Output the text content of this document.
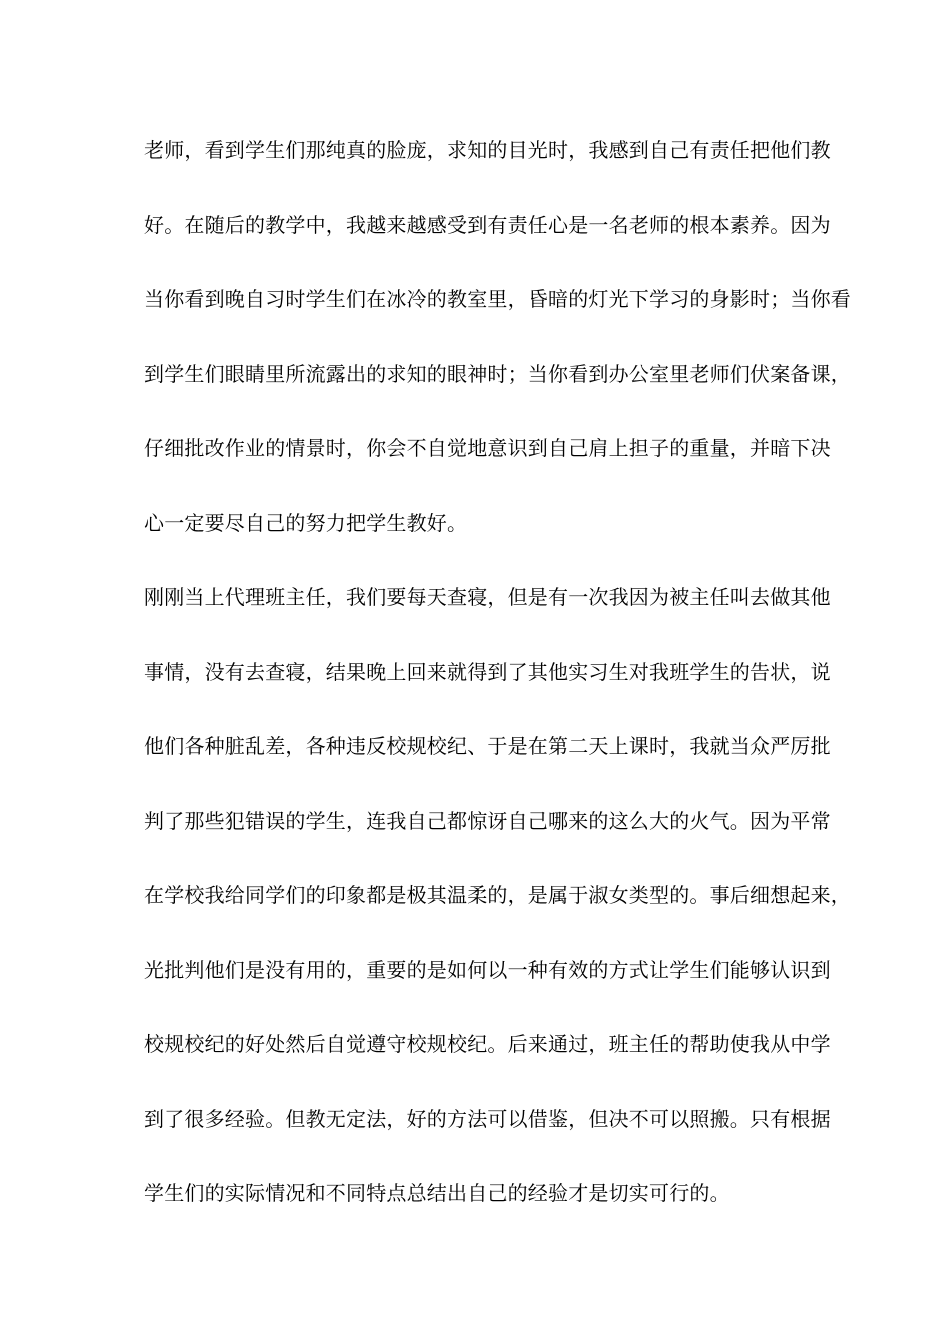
老师，看到学生们那纯真的脸庞，求知的目光时，我感到自己有责任把他们教
好。在随后的教学中，我越来越感受到有责任心是一名老师的根本素养。因为
当你看到晚自习时学生们在冰冷的教室里，昏暗的灯光下学习的身影时；当你看
到学生们眼睛里所流露出的求知的眼神时；当你看到办公室里老师们伏案备课，
仔细批改作业的情景时，你会不自觉地意识到自己肩上担子的重量，并暗下决
心一定要尽自己的努力把学生教好。
刚刚当上代理班主任，我们要每天查寝，但是有一次我因为被主任叫去做其他
事情，没有去查寝，结果晚上回来就得到了其他实习生对我班学生的告状，说
他们各种脏乱差，各种违反校规校纪、于是在第二天上课时，我就当众严厉批
判了那些犯错误的学生，连我自己都惊讶自己哪来的这么大的火气。因为平常
在学校我给同学们的印象都是极其温柔的，是属于淑女类型的。事后细想起来，
光批判他们是没有用的，重要的是如何以一种有效的方式让学生们能够认识到
校规校纪的好处然后自觉遵守校规校纪。后来通过，班主任的帮助使我从中学
到了很多经验。但教无定法，好的方法可以借鉴，但决不可以照搬。只有根据
学生们的实际情况和不同特点总结出自己的经验才是切实可行的。
